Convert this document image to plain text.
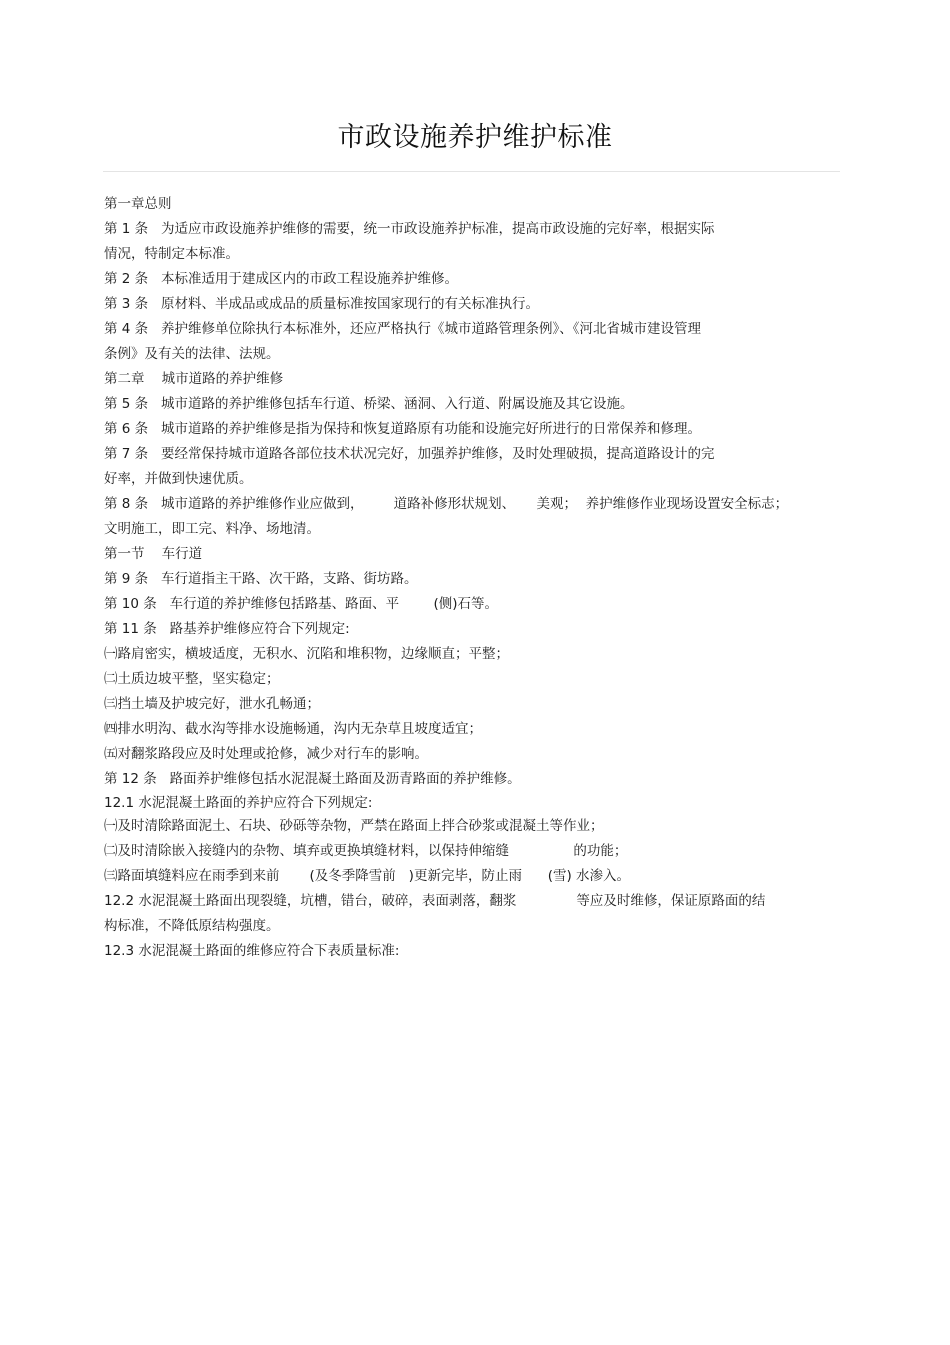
市政设施养护维护标准
第一章总则
第 1 条   为适应市政设施养护维修的需要，统一市政设施养护标准，提高市政设施的完好率，根据实际
情况，特制定本标准。
第 2 条   本标准适用于建成区内的市政工程设施养护维修。
第 3 条   原材料、半成品或成品的质量标准按国家现行的有关标准执行。
第 4 条   养护维修单位除执行本标准外，还应严格执行《城市道路管理条例》、《河北省城市建设管理
条例》及有关的法律、法规。
第二章    城市道路的养护维修
第 5 条   城市道路的养护维修包括车行道、桥梁、涵洞、入行道、附属设施及其它设施。
第 6 条   城市道路的养护维修是指为保持和恢复道路原有功能和设施完好所进行的日常保养和修理。
第 7 条   要经常保持城市道路各部位技术状况完好，加强养护维修，及时处理破损，提高道路设计的完
好率，并做到快速优质。
第 8 条   城市道路的养护维修作业应做到，       道路补修形状规划、     美观；  养护维修作业现场设置安全标志；
文明施工，即工完、料净、场地清。
第一节    车行道
第 9 条   车行道指主干路、次干路，支路、街坊路。
第 10 条   车行道的养护维修包括路基、路面、平        (侧)石等。
第 11 条   路基养护维修应符合下列规定:
㈠路肩密实，横坡适度，无积水、沉陷和堆积物，边缘顺直；平整；
㈡土质边坡平整，坚实稳定；
㈢挡土墙及护坡完好，泄水孔畅通；
㈣排水明沟、截水沟等排水设施畅通，沟内无杂草且坡度适宜；
㈤对翻浆路段应及时处理或抢修，减少对行车的影响。
第 12 条   路面养护维修包括水泥混凝土路面及沥青路面的养护维修。
12.1 水泥混凝土路面的养护应符合下列规定:
㈠及时清除路面泥土、石块、砂砾等杂物，严禁在路面上拌合砂浆或混凝土等作业；
㈡及时清除嵌入接缝内的杂物、填弃或更换填缝材料，以保持伸缩缝               的功能；
㈢路面填缝料应在雨季到来前       (及冬季降雪前   )更新完毕，防止雨      (雪) 水渗入。
12.2 水泥混凝土路面出现裂缝，坑槽，错台，破碎，表面剥落，翻浆              等应及时维修，保证原路面的结
构标准，不降低原结构强度。
12.3 水泥混凝土路面的维修应符合下表质量标准:
